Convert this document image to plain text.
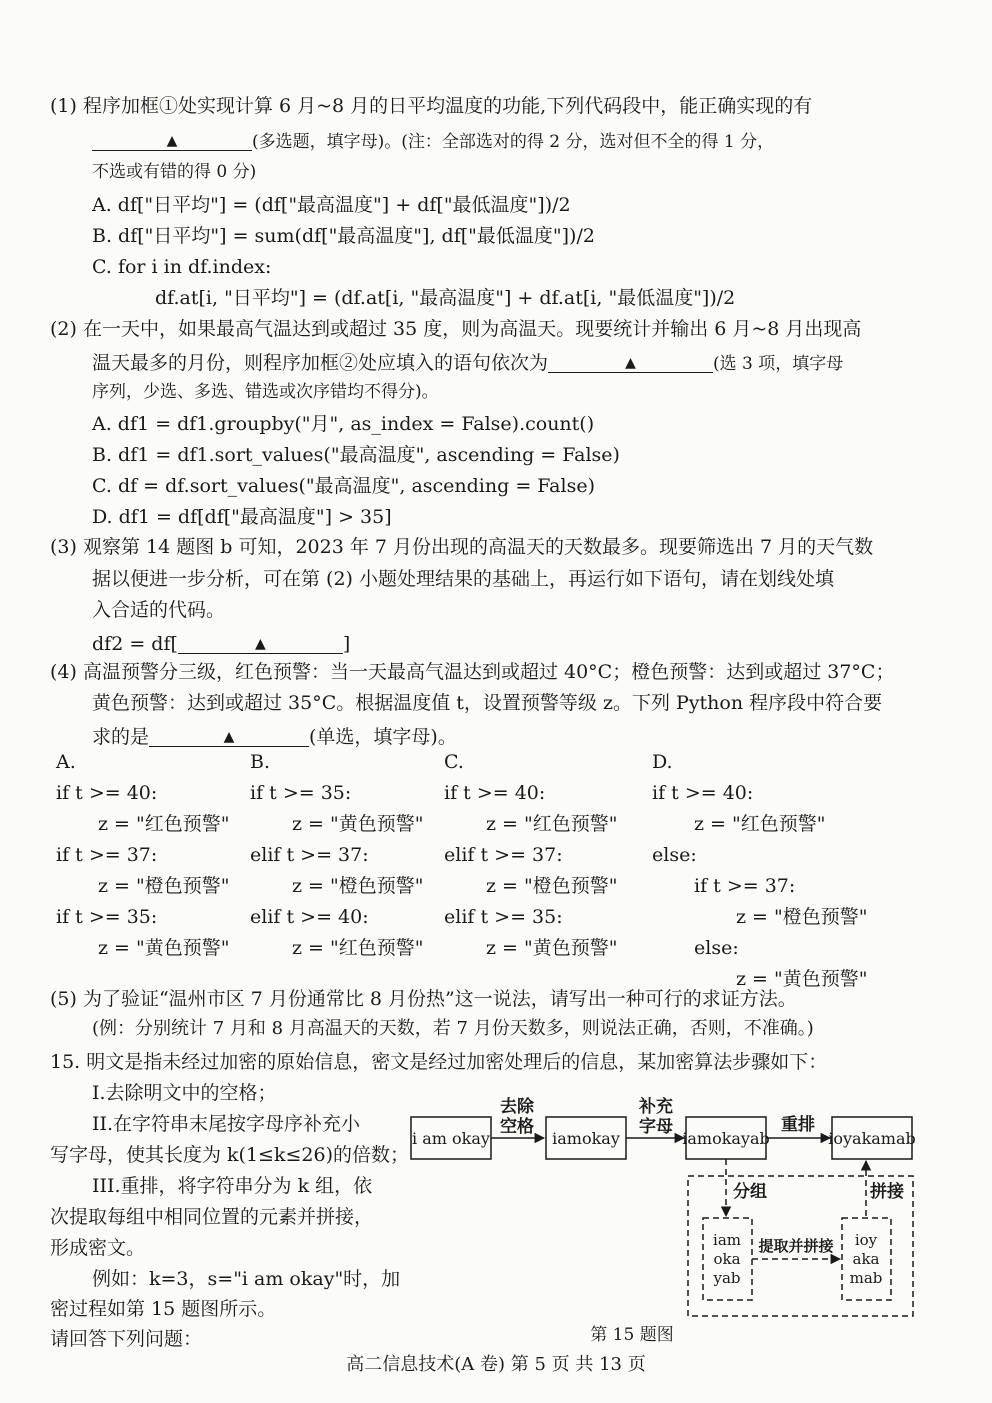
(1) 程序加框①处实现计算 6 月~8 月的日平均温度的功能,下列代码段中，能正确实现的有
▲	(多选题，填字母)。(注：全部选对的得 2 分，选对但不全的得 1 分，
不选或有错的得 0 分)
A. df["日平均"] = (df["最高温度"] + df["最低温度"])/2
B. df["日平均"] = sum(df["最高温度"], df["最低温度"])/2
C. for i in df.index:
df.at[i, "日平均"] = (df.at[i, "最高温度"] + df.at[i, "最低温度"])/2
(2) 在一天中，如果最高气温达到或超过 35 度，则为高温天。现要统计并输出 6 月~8 月出现高
温天最多的月份，则程序加框②处应填入的语句依次为	▲	(选 3 项，填字母
序列，少选、多选、错选或次序错均不得分)。
A. df1 = df1.groupby("月", as_index = False).count()
B. df1 = df1.sort_values("最高温度", ascending = False)
C. df = df.sort_values("最高温度", ascending = False)
D. df1 = df[df["最高温度"] > 35]
(3) 观察第 14 题图 b 可知，2023 年 7 月份出现的高温天的天数最多。现要筛选出 7 月的天气数
据以便进一步分析，可在第 (2) 小题处理结果的基础上，再运行如下语句，请在划线处填
入合适的代码。
df2 = df[	▲	]
(4) 高温预警分三级，红色预警：当一天最高气温达到或超过 40°C；橙色预警：达到或超过 37°C；
黄色预警：达到或超过 35°C。根据温度值 t，设置预警等级 z。下列 Python 程序段中符合要
求的是	▲	(单选，填字母)。
A.
if t >= 40:
z = "红色预警"
if t >= 37:
z = "橙色预警"
if t >= 35:
z = "黄色预警"
B.
if t >= 35:
z = "黄色预警"
elif t >= 37:
z = "橙色预警"
elif t >= 40:
z = "红色预警"
C.
if t >= 40:
z = "红色预警"
elif t >= 37:
z = "橙色预警"
elif t >= 35:
z = "黄色预警"
D.
if t >= 40:
z = "红色预警"
else:
if t >= 37:
z = "橙色预警"
else:
z = "黄色预警"
(5) 为了验证“温州市区 7 月份通常比 8 月份热”这一说法，请写出一种可行的求证方法。
(例：分别统计 7 月和 8 月高温天的天数，若 7 月份天数多，则说法正确，否则，不准确。)
15. 明文是指未经过加密的原始信息，密文是经过加密处理后的信息，某加密算法步骤如下：
I.去除明文中的空格；
II.在字符串末尾按字母序补充小
写字母，使其长度为 k(1≤k≤26)的倍数；
III.重排，将字符串分为 k 组，依
次提取每组中相同位置的元素并拼接，
形成密文。
例如：k=3，s="i am okay"时，加
密过程如第 15 题图所示。
请回答下列问题：
i am okay	iamokay	iamokayab	ioyakamab
去除
空格
补充
字母	重排
分组	拼接
提取并拼接
iam
oka
yab
ioy
aka
mab
第 15 题图
高二信息技术(A 卷) 第 5 页 共 13 页
